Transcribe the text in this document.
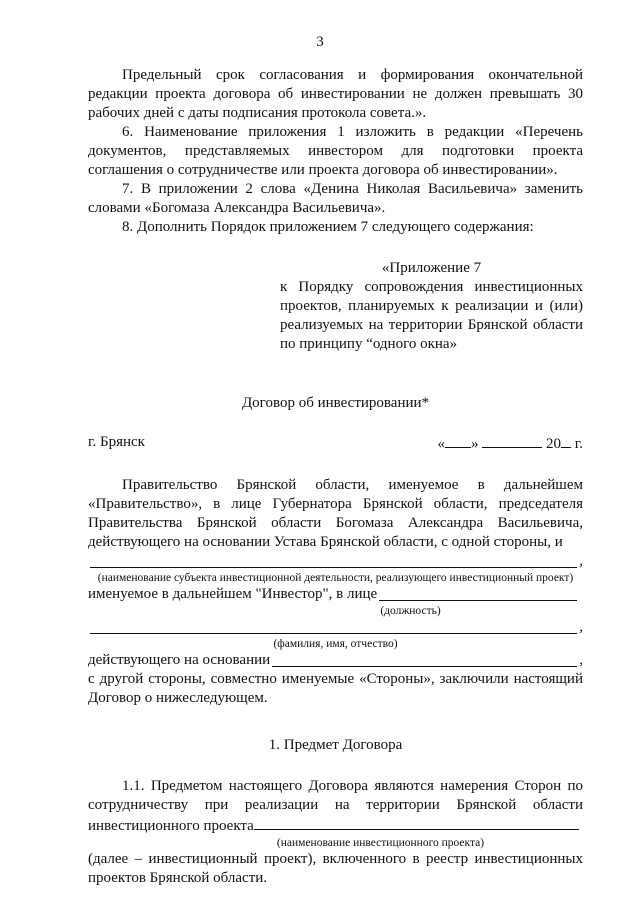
3

Предельный срок согласования и формирования окончательной редакции проекта договора об инвестировании не должен превышать 30 рабочих дней с даты подписания протокола совета.».

6. Наименование приложения 1 изложить в редакции «Перечень документов, представляемых инвестором для подготовки проекта соглашения о сотрудничестве или проекта договора об инвестировании».

7. В приложении 2 слова «Денина Николая Васильевича» заменить словами «Богомаза Александра Васильевича».

8. Дополнить Порядок приложением 7 следующего содержания:

«Приложение 7
к Порядку сопровождения инвестиционных проектов, планируемых к реализации и (или) реализуемых на территории Брянской области по принципу “одного окна»

Договор об инвестировании*

г. Брянск	« »	20 г.

Правительство Брянской области, именуемое в дальнейшем «Правительство», в лице Губернатора Брянской области, председателя Правительства Брянской области Богомаза Александра Васильевича, действующего на основании Устава Брянской области, с одной стороны, и

,

(наименование субъекта инвестиционной деятельности, реализующего инвестиционный проект)

именуемое в дальнейшем "Инвестор", в лице

(должность)

,

(фамилия, имя, отчество)

действующего на основании	,

с другой стороны, совместно именуемые «Стороны», заключили настоящий Договор о нижеследующем.

1. Предмет Договора

1.1. Предметом настоящего Договора являются намерения Сторон по сотрудничеству при реализации на территории Брянской области инвестиционного проекта

(наименование инвестиционного проекта)

(далее – инвестиционный проект), включенного в реестр инвестиционных проектов Брянской области.
